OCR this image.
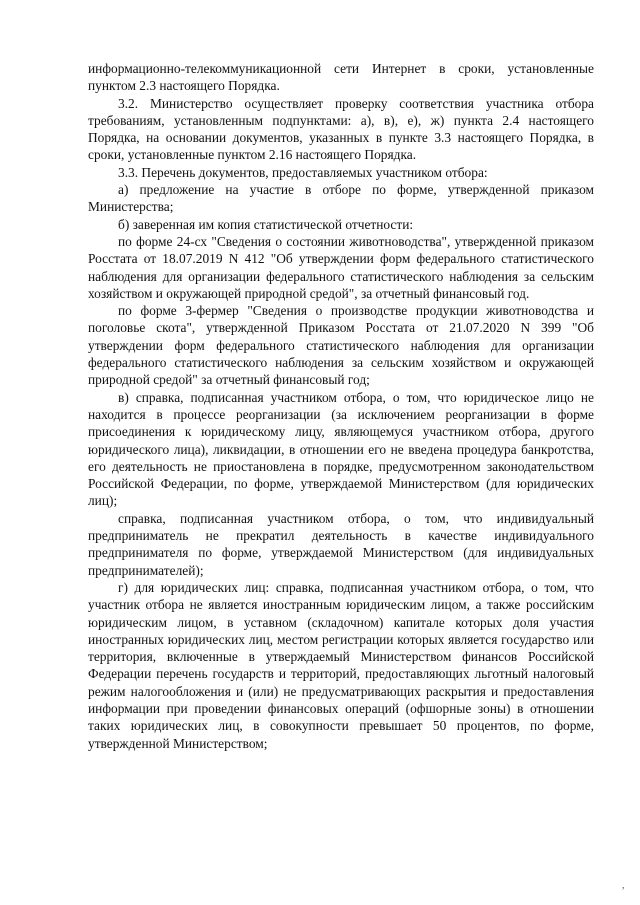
информационно-телекоммуникационной сети Интернет в сроки, установленные пунктом 2.3 настоящего Порядка.

3.2. Министерство осуществляет проверку соответствия участника отбора требованиям, установленным подпунктами: а), в), е), ж) пункта 2.4 настоящего Порядка, на основании документов, указанных в пункте 3.3 настоящего Порядка, в сроки, установленные пунктом 2.16 настоящего Порядка.

3.3. Перечень документов, предоставляемых участником отбора:

а) предложение на участие в отборе по форме, утвержденной приказом Министерства;

б) заверенная им копия статистической отчетности:

по форме 24-сх "Сведения о состоянии животноводства", утвержденной приказом Росстата от 18.07.2019 N 412 "Об утверждении форм федерального статистического наблюдения для организации федерального статистического наблюдения за сельским хозяйством и окружающей природной средой", за отчетный финансовый год.

по форме 3-фермер "Сведения о производстве продукции животноводства и поголовье скота", утвержденной Приказом Росстата от 21.07.2020 N 399 "Об утверждении форм федерального статистического наблюдения для организации федерального статистического наблюдения за сельским хозяйством и окружающей природной средой" за отчетный финансовый год;

в) справка, подписанная участником отбора, о том, что юридическое лицо не находится в процессе реорганизации (за исключением реорганизации в форме присоединения к юридическому лицу, являющемуся участником отбора, другого юридического лица), ликвидации, в отношении его не введена процедура банкротства, его деятельность не приостановлена в порядке, предусмотренном законодательством Российской Федерации, по форме, утверждаемой Министерством (для юридических лиц);

справка, подписанная участником отбора, о том, что индивидуальный предприниматель не прекратил деятельность в качестве индивидуального предпринимателя по форме, утверждаемой Министерством (для индивидуальных предпринимателей);

г) для юридических лиц: справка, подписанная участником отбора, о том, что участник отбора не является иностранным юридическим лицом, а также российским юридическим лицом, в уставном (складочном) капитале которых доля участия иностранных юридических лиц, местом регистрации которых является государство или территория, включенные в утверждаемый Министерством финансов Российской Федерации перечень государств и территорий, предоставляющих льготный налоговый режим налогообложения и (или) не предусматривающих раскрытия и предоставления информации при проведении финансовых операций (офшорные зоны) в отношении таких юридических лиц, в совокупности превышает 50 процентов, по форме, утвержденной Министерством;

,
